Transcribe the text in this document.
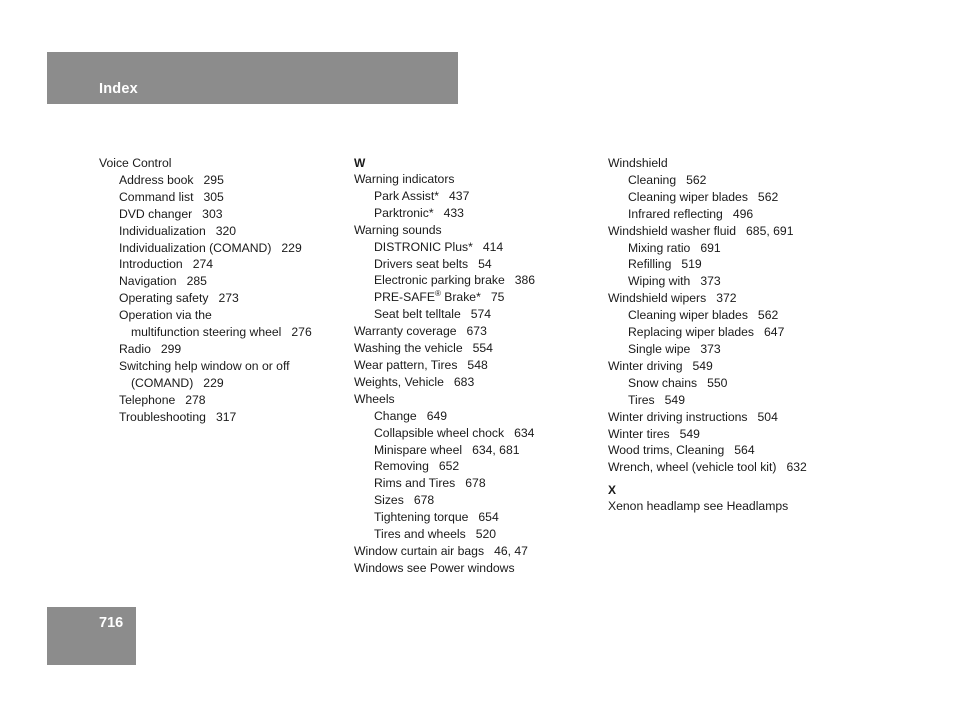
Index
Voice Control
Address book 295
Command list 305
DVD changer 303
Individualization 320
Individualization (COMAND) 229
Introduction 274
Navigation 285
Operating safety 273
Operation via the
multifunction steering wheel 276
Radio 299
Switching help window on or off
(COMAND) 229
Telephone 278
Troubleshooting 317
W
Warning indicators
Park Assist* 437
Parktronic* 433
Warning sounds
DISTRONIC Plus* 414
Drivers seat belts 54
Electronic parking brake 386
PRE-SAFE® Brake* 75
Seat belt telltale 574
Warranty coverage 673
Washing the vehicle 554
Wear pattern, Tires 548
Weights, Vehicle 683
Wheels
Change 649
Collapsible wheel chock 634
Minispare wheel 634, 681
Removing 652
Rims and Tires 678
Sizes 678
Tightening torque 654
Tires and wheels 520
Window curtain air bags 46, 47
Windows see Power windows
Windshield
Cleaning 562
Cleaning wiper blades 562
Infrared reflecting 496
Windshield washer fluid 685, 691
Mixing ratio 691
Refilling 519
Wiping with 373
Windshield wipers 372
Cleaning wiper blades 562
Replacing wiper blades 647
Single wipe 373
Winter driving 549
Snow chains 550
Tires 549
Winter driving instructions 504
Winter tires 549
Wood trims, Cleaning 564
Wrench, wheel (vehicle tool kit) 632
X
Xenon headlamp see Headlamps
716
